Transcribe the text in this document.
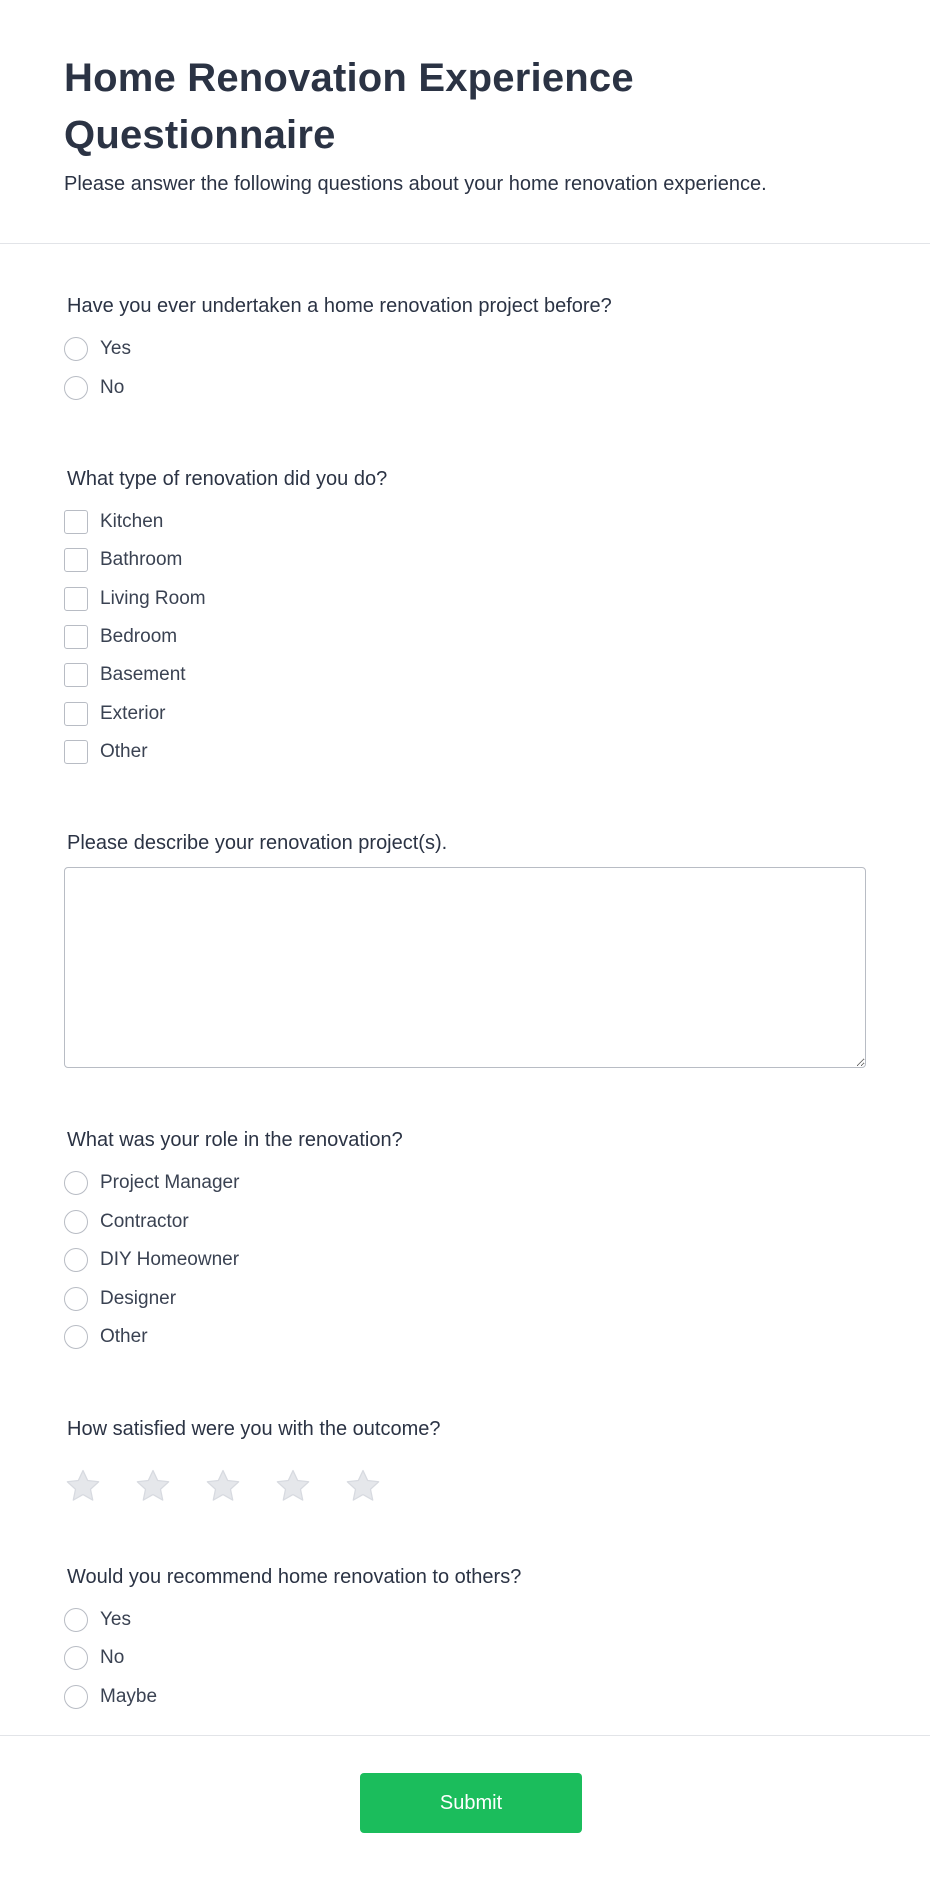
Home Renovation Experience Questionnaire

Please answer the following questions about your home renovation experience.

Have you ever undertaken a home renovation project before?
Yes
No
What type of renovation did you do?
Kitchen
Bathroom
Living Room
Bedroom
Basement
Exterior
Other
Please describe your renovation project(s).
What was your role in the renovation?
Project Manager
Contractor
DIY Homeowner
Designer
Other
How satisfied were you with the outcome?
Would you recommend home renovation to others?
Yes
No
Maybe
Submit
